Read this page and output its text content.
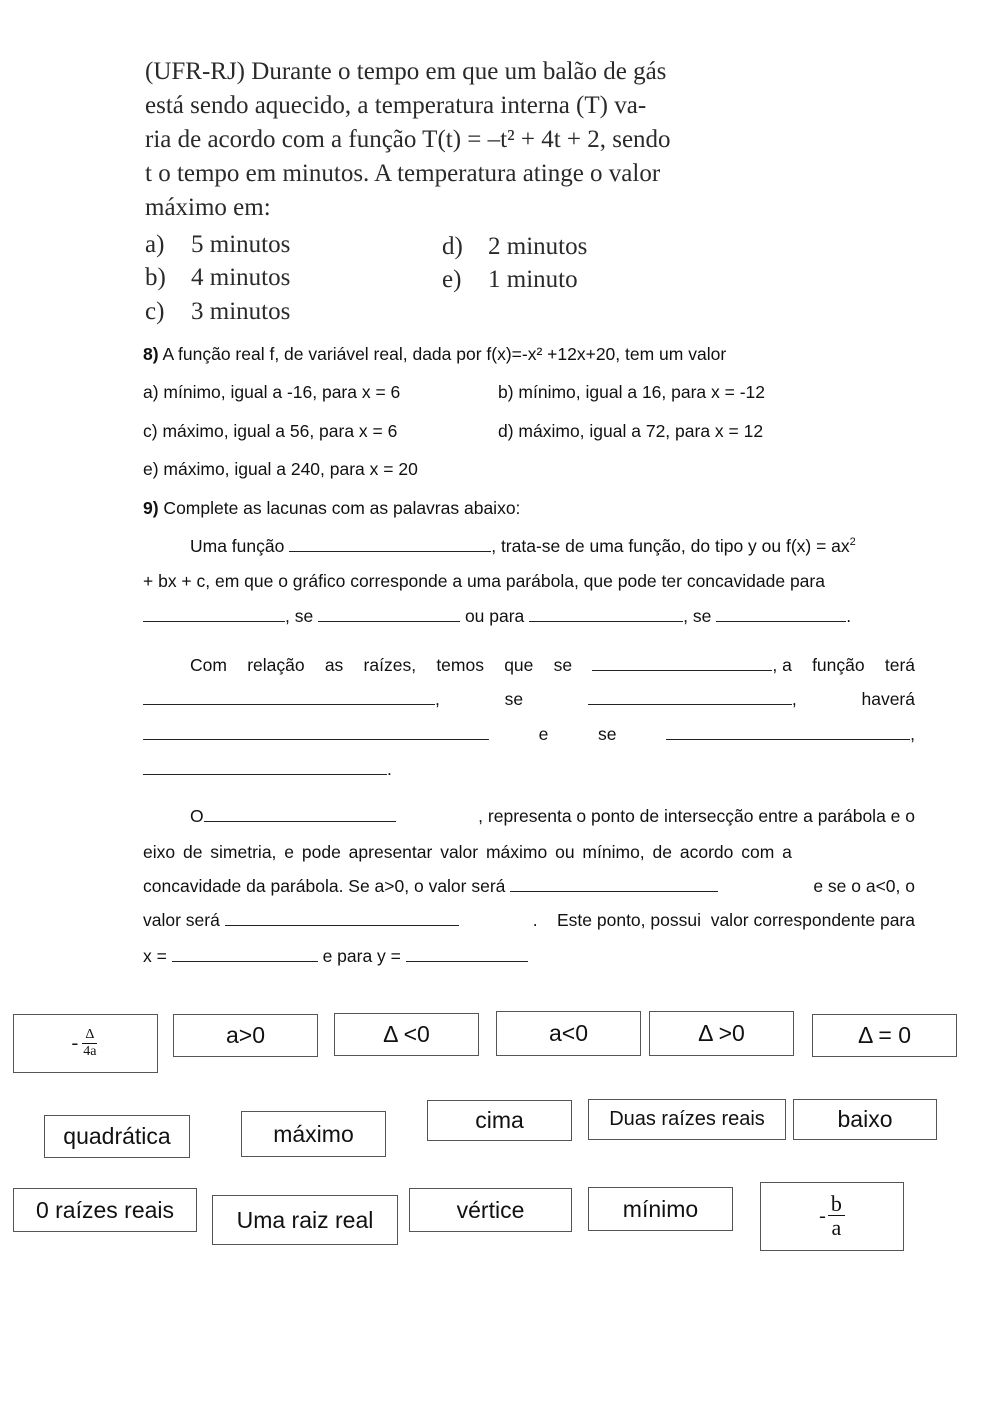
(UFR-RJ) Durante o tempo em que um balão de gás

está sendo aquecido, a temperatura interna (T) va-

ria de acordo com a função T(t) = –t² + 4t + 2, sendo

t o tempo em minutos. A temperatura atinge o valor

máximo em:

a) 5 minutos
b) 4 minutos
c) 3 minutos
d) 2 minutos
e) 1 minuto
8) A função real f, de variável real, dada por f(x)=-x² +12x+20, tem um valor
a) mínimo, igual a -16, para x = 6	b) mínimo, igual a 16, para x = -12
c) máximo, igual a 56, para x = 6	d) máximo, igual a 72, para x = 12
e) máximo, igual a 240, para x = 20
9) Complete as lacunas com as palavras abaixo:
Uma função	, trata-se de uma função, do tipo y ou $f(x) = ax^2$
+ bx + c, em que o gráfico corresponde a uma parábola, que pode ter concavidade para
, se	ou para	, se	.
Com relação as raízes, temos que se	, a função terá
,	se	,	haverá
e	se	,
.
O	, representa o ponto de intersecção entre a parábola e o
eixo de simetria, e pode apresentar valor máximo ou mínimo, de acordo com a
concavidade da parábola. Se a>0, o valor será	e se o a<0, o
valor será	.    Este ponto, possui  valor correspondente para
x =	e para y =
- $\frac{\Delta}{4a}$	a>0	Δ <0	a<0	Δ >0	Δ = 0
quadrática	máximo
cima	Duas raízes reais	baixo
0 raízes reais	Uma raiz real	vértice	mínimo	- $\frac{b}{a}$
